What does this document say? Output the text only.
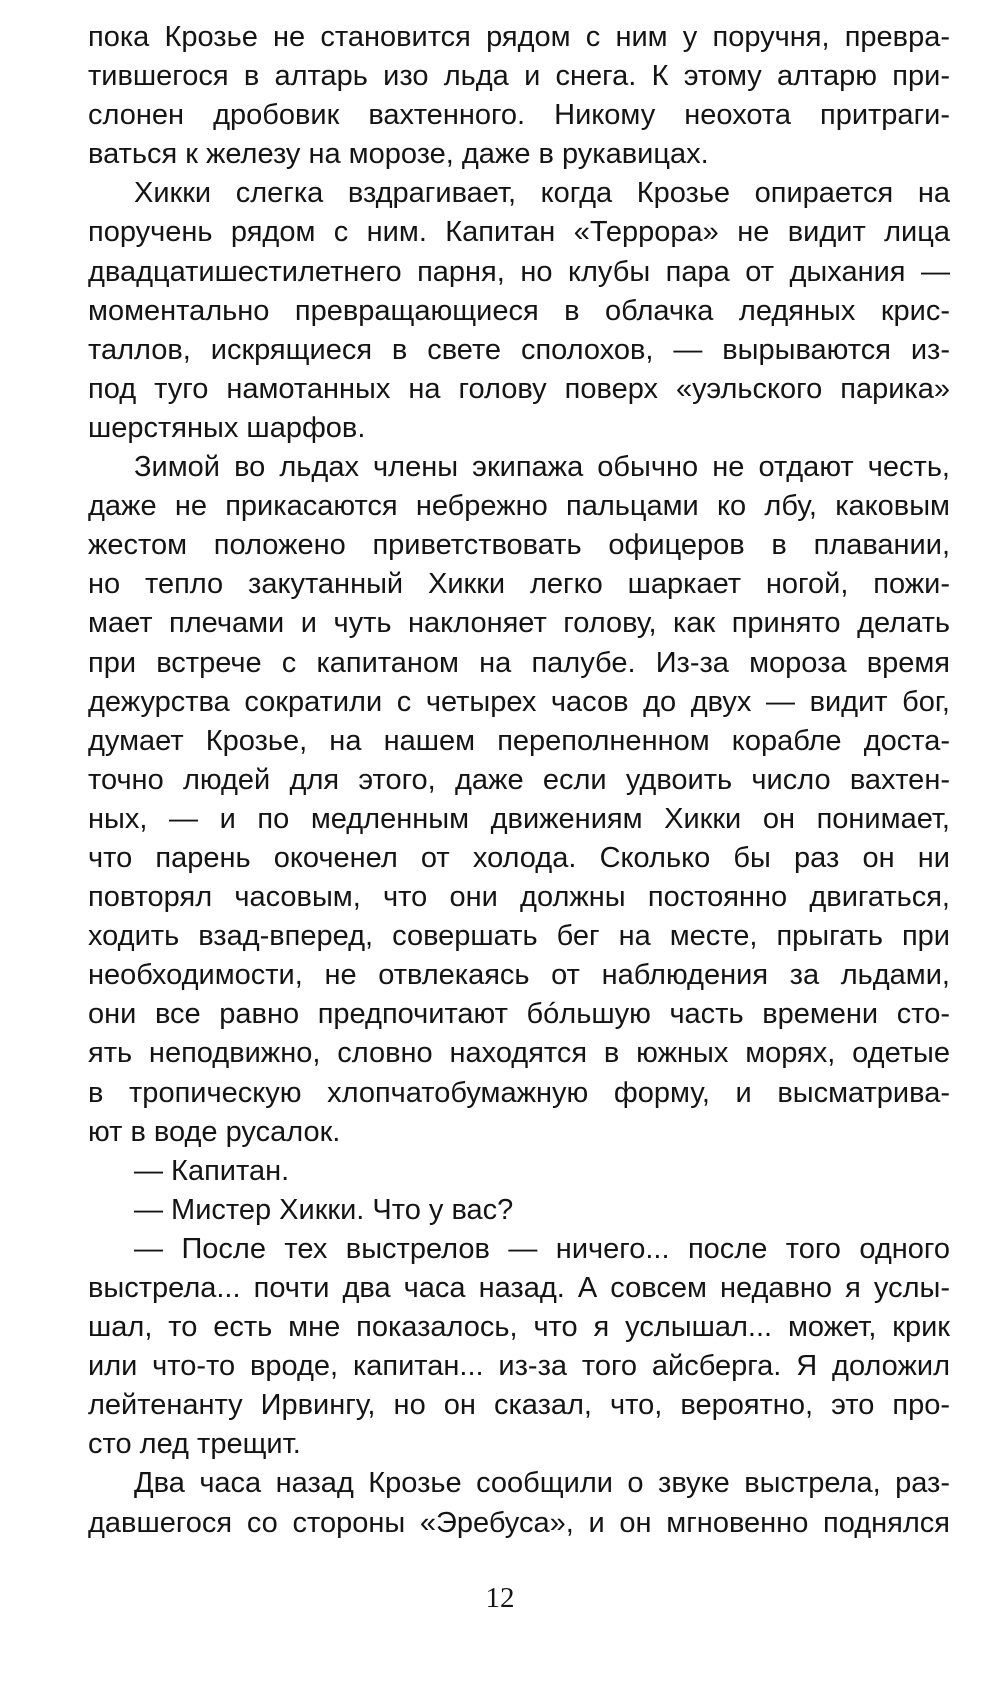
пока Крозье не становится рядом с ним у поручня, превра-
тившегося в алтарь изо льда и снега. К этому алтарю при-
слонен дробовик вахтенного. Никому неохота притраги-
ваться к железу на морозе, даже в рукавицах.
Хикки слегка вздрагивает, когда Крозье опирается на
поручень рядом с ним. Капитан «Террора» не видит лица
двадцатишестилетнего парня, но клубы пара от дыхания —
моментально превращающиеся в облачка ледяных крис-
таллов, искрящиеся в свете сполохов, — вырываются из-
под туго намотанных на голову поверх «уэльского парика»
шерстяных шарфов.
Зимой во льдах члены экипажа обычно не отдают честь,
даже не прикасаются небрежно пальцами ко лбу, каковым
жестом положено приветствовать офицеров в плавании,
но тепло закутанный Хикки легко шаркает ногой, пожи-
мает плечами и чуть наклоняет голову, как принято делать
при встрече с капитаном на палубе. Из-за мороза время
дежурства сократили с четырех часов до двух — видит бог,
думает Крозье, на нашем переполненном корабле доста-
точно людей для этого, даже если удвоить число вахтен-
ных, — и по медленным движениям Хикки он понимает,
что парень окоченел от холода. Сколько бы раз он ни
повторял часовым, что они должны постоянно двигаться,
ходить взад-вперед, совершать бег на месте, прыгать при
необходимости, не отвлекаясь от наблюдения за льдами,
они все равно предпочитают бóльшую часть времени сто-
ять неподвижно, словно находятся в южных морях, одетые
в тропическую хлопчатобумажную форму, и высматрива-
ют в воде русалок.
— Капитан.
— Мистер Хикки. Что у вас?
— После тех выстрелов — ничего... после того одного
выстрела... почти два часа назад. А совсем недавно я услы-
шал, то есть мне показалось, что я услышал... может, крик
или что-то вроде, капитан... из-за того айсберга. Я доложил
лейтенанту Ирвингу, но он сказал, что, вероятно, это про-
сто лед трещит.
Два часа назад Крозье сообщили о звуке выстрела, раз-
давшегося со стороны «Эребуса», и он мгновенно поднялся
12
